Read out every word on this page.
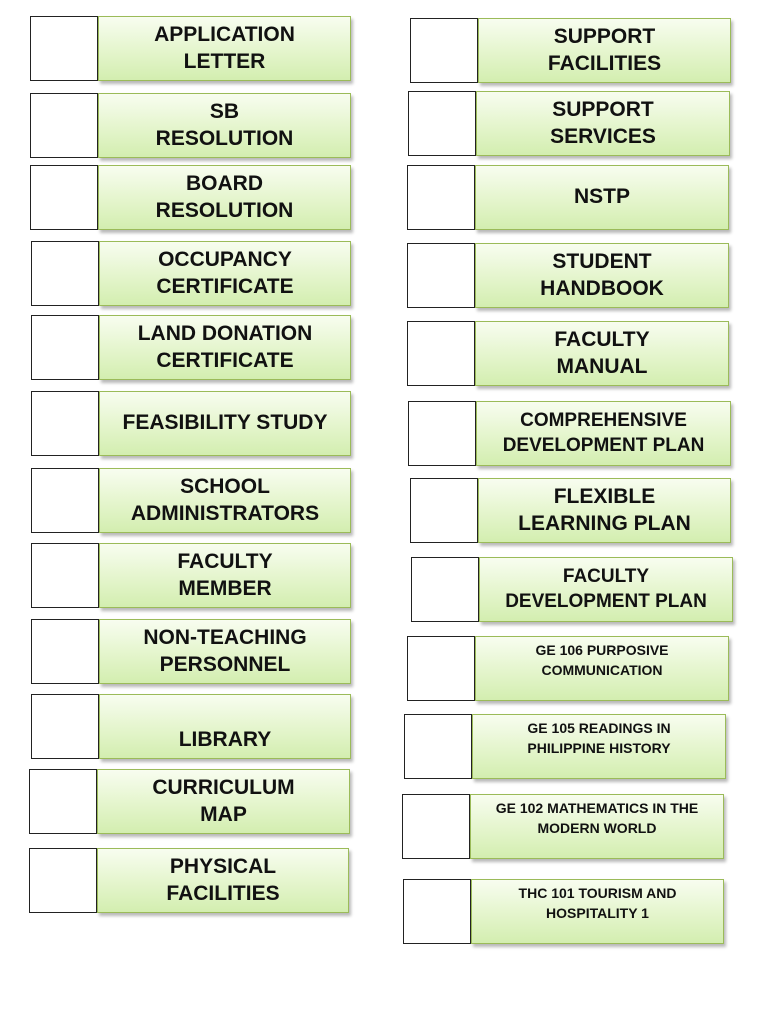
APPLICATION
LETTER
SB
RESOLUTION
BOARD
RESOLUTION
OCCUPANCY
CERTIFICATE
LAND DONATION
CERTIFICATE
FEASIBILITY STUDY
SCHOOL
ADMINISTRATORS
FACULTY
MEMBER
NON-TEACHING
PERSONNEL

LIBRARY
CURRICULUM
MAP
PHYSICAL
FACILITIES
SUPPORT
FACILITIES
SUPPORT
SERVICES
NSTP
STUDENT
HANDBOOK
FACULTY
MANUAL
COMPREHENSIVE
DEVELOPMENT PLAN
FLEXIBLE
LEARNING PLAN
FACULTY
DEVELOPMENT PLAN
GE 106 PURPOSIVE
COMMUNICATION
GE 105 READINGS IN
PHILIPPINE HISTORY
GE 102 MATHEMATICS IN THE
MODERN WORLD
THC 101 TOURISM AND
HOSPITALITY 1
